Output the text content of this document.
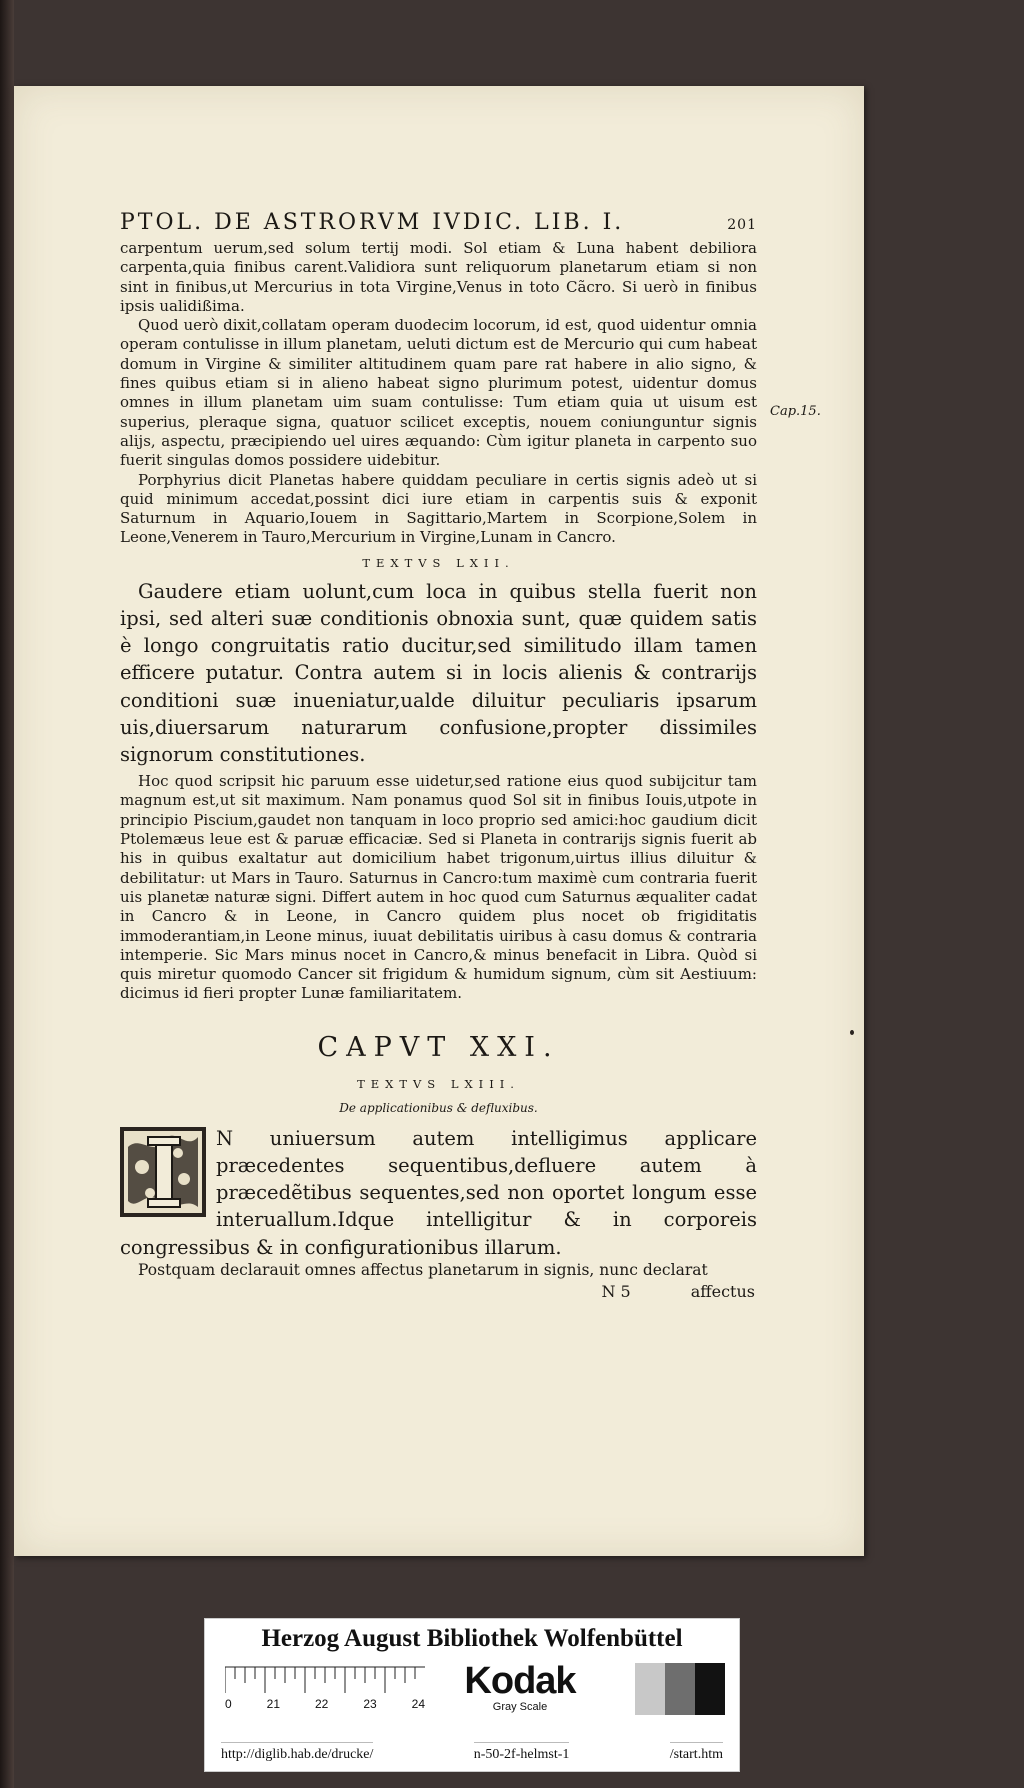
Cap.15.
PTOL. DE ASTRORVM IVDIC. LIB. I.	201

carpentum uerum,sed solum tertij modi. Sol etiam & Luna habent debiliora carpenta,quia finibus carent.Validiora sunt reliquorum planetarum etiam si non sint in finibus,ut Mercurius in tota Virgine,Venus in toto Cãcro. Si uerò in finibus ipsis ualidißima.

Quod uerò dixit,collatam operam duodecim locorum, id est, quod uidentur omnia operam contulisse in illum planetam, ueluti dictum est de Mercurio qui cum habeat domum in Virgine & similiter altitudinem quam pare rat habere in alio signo, & fines quibus etiam si in alieno habeat signo plurimum potest, uidentur domus omnes in illum planetam uim suam contulisse: Tum etiam quia ut uisum est superius, pleraque signa, quatuor scilicet exceptis, nouem coniunguntur signis alijs, aspectu, præcipiendo uel uires æquando: Cùm igitur planeta in carpento suo fuerit singulas domos possidere uidebitur.

Porphyrius dicit Planetas habere quiddam peculiare in certis signis adeò ut si quid minimum accedat,possint dici iure etiam in carpentis suis & exponit Saturnum in Aquario,Iouem in Sagittario,Martem in Scorpione,Solem in Leone,Venerem in Tauro,Mercurium in Virgine,Lunam in Cancro.

TEXTVS LXII.

Gaudere etiam uolunt,cum loca in quibus stella fuerit non ipsi, sed alteri suæ conditionis obnoxia sunt, quæ quidem satis è longo congruitatis ratio ducitur,sed similitudo illam tamen efficere putatur. Contra autem si in locis alienis & contrarijs conditioni suæ inueniatur,ualde diluitur peculiaris ipsarum uis,diuersarum naturarum confusione,propter dissimiles signorum constitutiones.

Hoc quod scripsit hic paruum esse uidetur,sed ratione eius quod subijcitur tam magnum est,ut sit maximum. Nam ponamus quod Sol sit in finibus Iouis,utpote in principio Piscium,gaudet non tanquam in loco proprio sed amici:hoc gaudium dicit Ptolemæus leue est & paruæ efficaciæ. Sed si Planeta in contrarijs signis fuerit ab his in quibus exaltatur aut domicilium habet trigonum,uirtus illius diluitur & debilitatur: ut Mars in Tauro. Saturnus in Cancro:tum maximè cum contraria fuerit uis planetæ naturæ signi. Differt autem in hoc quod cum Saturnus æqualiter cadat in Cancro & in Leone, in Cancro quidem plus nocet ob frigiditatis immoderantiam,in Leone minus, iuuat debilitatis uiribus à casu domus & contraria intemperie. Sic Mars minus nocet in Cancro,& minus benefacit in Libra. Quòd si quis miretur quomodo Cancer sit frigidum & humidum signum, cùm sit Aestiuum: dicimus id fieri propter Lunæ familiaritatem.

CAPVT XXI.
TEXTVS LXIII.
De applicationibus & defluxibus.

N uniuersum autem intelligimus applicare præcedentes sequentibus,defluere autem à præcedẽtibus sequentes,sed non oportet longum esse interuallum.Idque intelligitur & in corporeis congressibus & in configurationibus illarum.

Postquam declarauit omnes affectus planetarum in signis, nunc declarat

N 5	affectus
Herzog August Bibliothek Wolfenbüttel
0	21	22	23	24
Kodak
Gray Scale
http://diglib.hab.de/drucke/	n-50-2f-helmst-1	/start.htm
